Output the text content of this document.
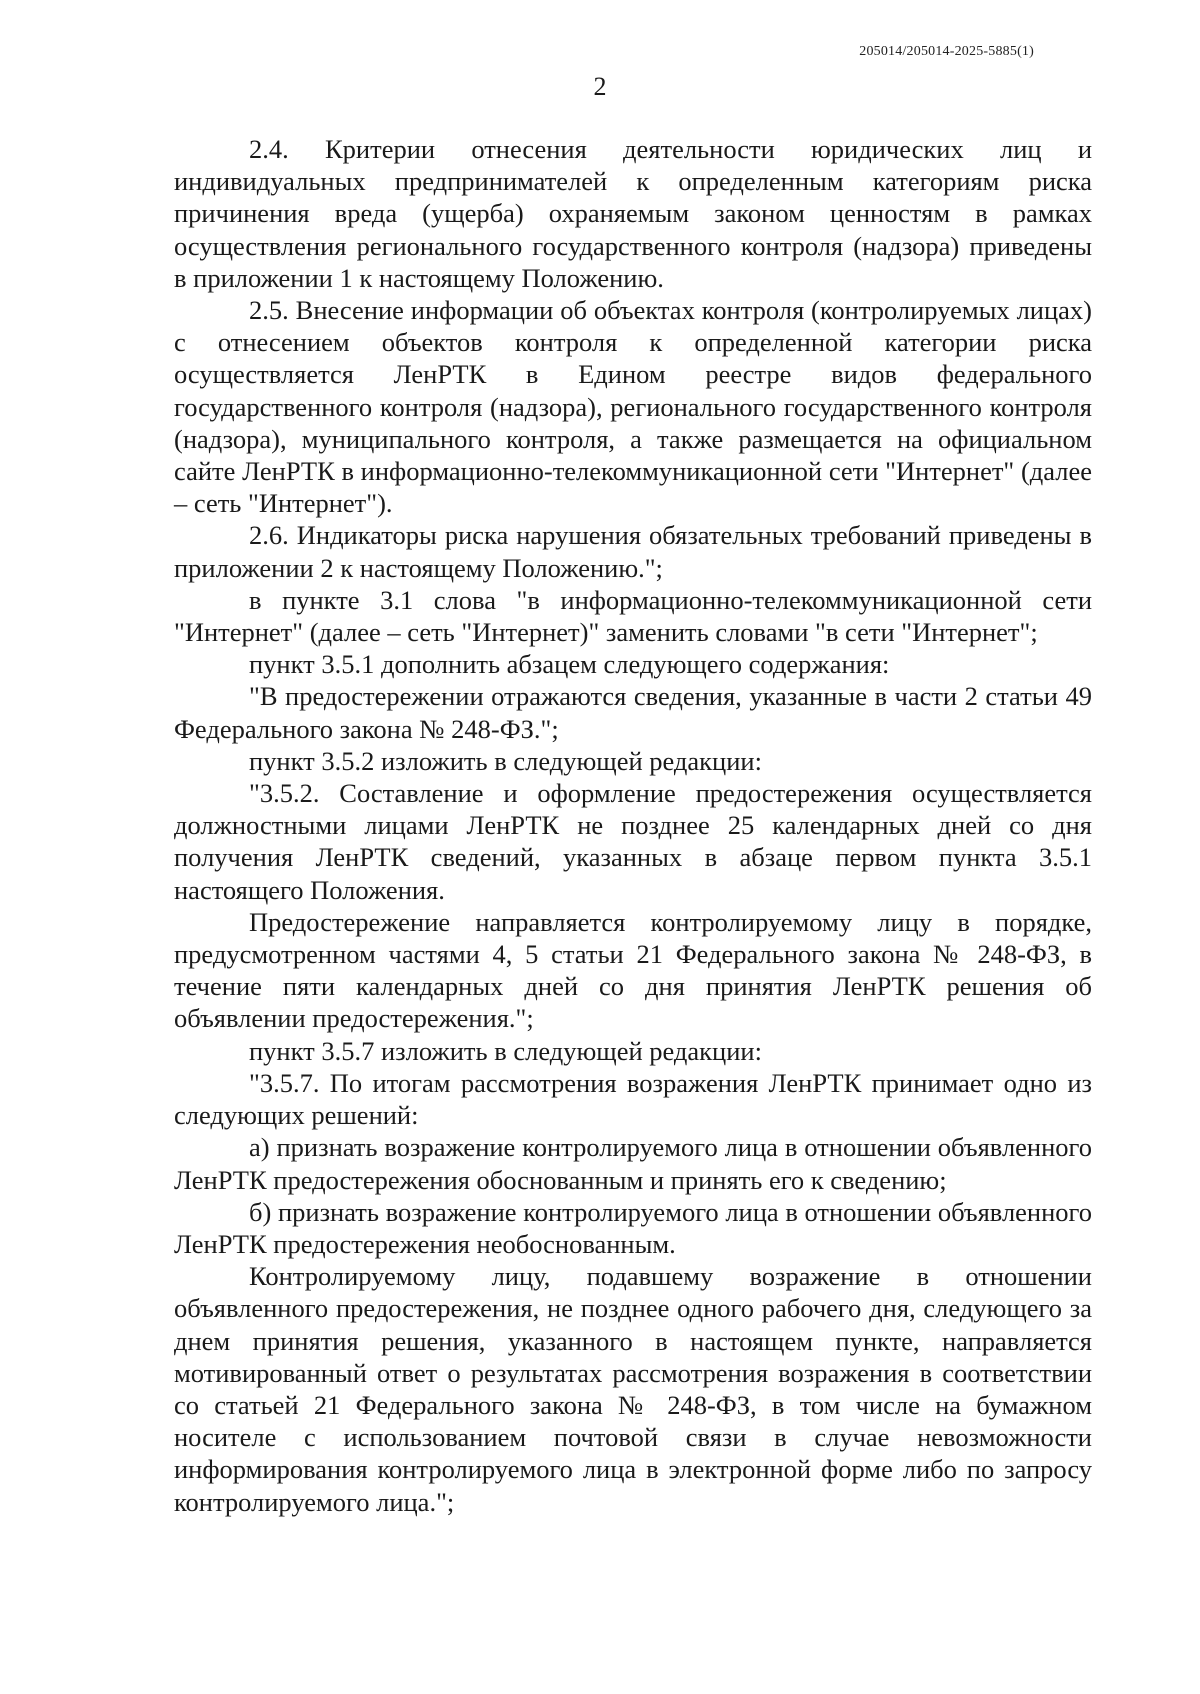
205014/205014-2025-5885(1)
2

2.4. Критерии отнесения деятельности юридических лиц и индивидуальных предпринимателей к определенным категориям риска причинения вреда (ущерба) охраняемым законом ценностям в рамках осуществления регионального государственного контроля (надзора) приведены в приложении 1 к настоящему Положению.

2.5. Внесение информации об объектах контроля (контролируемых лицах) с отнесением объектов контроля к определенной категории риска осуществляется ЛенРТК в Едином реестре видов федерального государственного контроля (надзора), регионального государственного контроля (надзора), муниципального контроля, а также размещается на официальном сайте ЛенРТК в информационно-телекоммуникационной сети "Интернет" (далее – сеть "Интернет").

2.6. Индикаторы риска нарушения обязательных требований приведены в приложении 2 к настоящему Положению.";

в пункте 3.1 слова "в информационно-телекоммуникационной сети "Интернет" (далее – сеть "Интернет)" заменить словами "в сети "Интернет";

пункт 3.5.1 дополнить абзацем следующего содержания:

"В предостережении отражаются сведения, указанные в части 2 статьи 49 Федерального закона № 248-ФЗ.";

пункт 3.5.2 изложить в следующей редакции:

"3.5.2. Составление и оформление предостережения осуществляется должностными лицами ЛенРТК не позднее 25 календарных дней со дня получения ЛенРТК сведений, указанных в абзаце первом пункта 3.5.1 настоящего Положения.

Предостережение направляется контролируемому лицу в порядке, предусмотренном частями 4, 5 статьи 21 Федерального закона № 248-ФЗ, в течение пяти календарных дней со дня принятия ЛенРТК решения об объявлении предостережения.";

пункт 3.5.7 изложить в следующей редакции:

"3.5.7. По итогам рассмотрения возражения ЛенРТК принимает одно из следующих решений:

а) признать возражение контролируемого лица в отношении объявленного ЛенРТК предостережения обоснованным и принять его к сведению;

б) признать возражение контролируемого лица в отношении объявленного ЛенРТК предостережения необоснованным.

Контролируемому лицу, подавшему возражение в отношении объявленного предостережения, не позднее одного рабочего дня, следующего за днем принятия решения, указанного в настоящем пункте, направляется мотивированный ответ о результатах рассмотрения возражения в соответствии со статьей 21 Федерального закона № 248-ФЗ, в том числе на бумажном носителе с использованием почтовой связи в случае невозможности информирования контролируемого лица в электронной форме либо по запросу контролируемого лица.";
